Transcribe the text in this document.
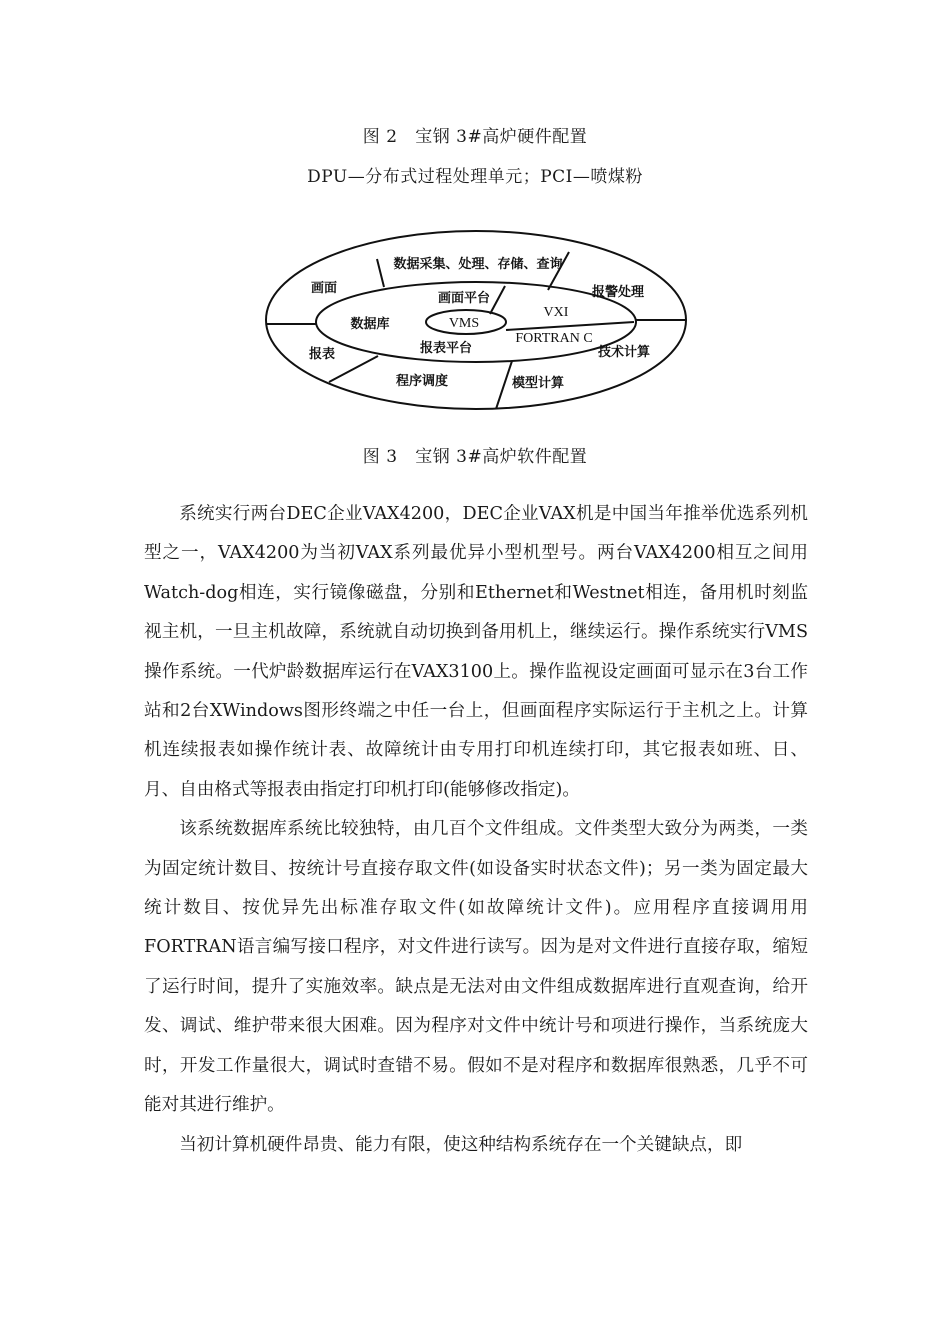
图 2   宝钢 3#高炉硬件配置
DPU—分布式过程处理单元；PCI—喷煤粉
数据采集、处理、存储、查询
画面	报警处理
报表	技术计算
程序调度	模型计算
数据库
画面平台
报表平台
VXI
FORTRAN C
VMS
图 3   宝钢 3#高炉软件配置

系统实行两台DEC企业VAX4200，DEC企业VAX机是中国当年推举优选系列机型之一，VAX4200为当初VAX系列最优异小型机型号。两台VAX4200相互之间用Watch-dog相连，实行镜像磁盘，分别和Ethernet和Westnet相连，备用机时刻监视主机，一旦主机故障，系统就自动切换到备用机上，继续运行。操作系统实行VMS操作系统。一代炉龄数据库运行在VAX3100上。操作监视设定画面可显示在3台工作站和2台XWindows图形终端之中任一台上，但画面程序实际运行于主机之上。计算机连续报表如操作统计表、故障统计由专用打印机连续打印，其它报表如班、日、月、自由格式等报表由指定打印机打印(能够修改指定)。

该系统数据库系统比较独特，由几百个文件组成。文件类型大致分为两类，一类为固定统计数目、按统计号直接存取文件(如设备实时状态文件)；另一类为固定最大统计数目、按优异先出标准存取文件(如故障统计文件)。应用程序直接调用用FORTRAN语言编写接口程序，对文件进行读写。因为是对文件进行直接存取，缩短了运行时间，提升了实施效率。缺点是无法对由文件组成数据库进行直观查询，给开发、调试、维护带来很大困难。因为程序对文件中统计号和项进行操作，当系统庞大时，开发工作量很大，调试时查错不易。假如不是对程序和数据库很熟悉，几乎不可能对其进行维护。

当初计算机硬件昂贵、能力有限，使这种结构系统存在一个关键缺点，即
